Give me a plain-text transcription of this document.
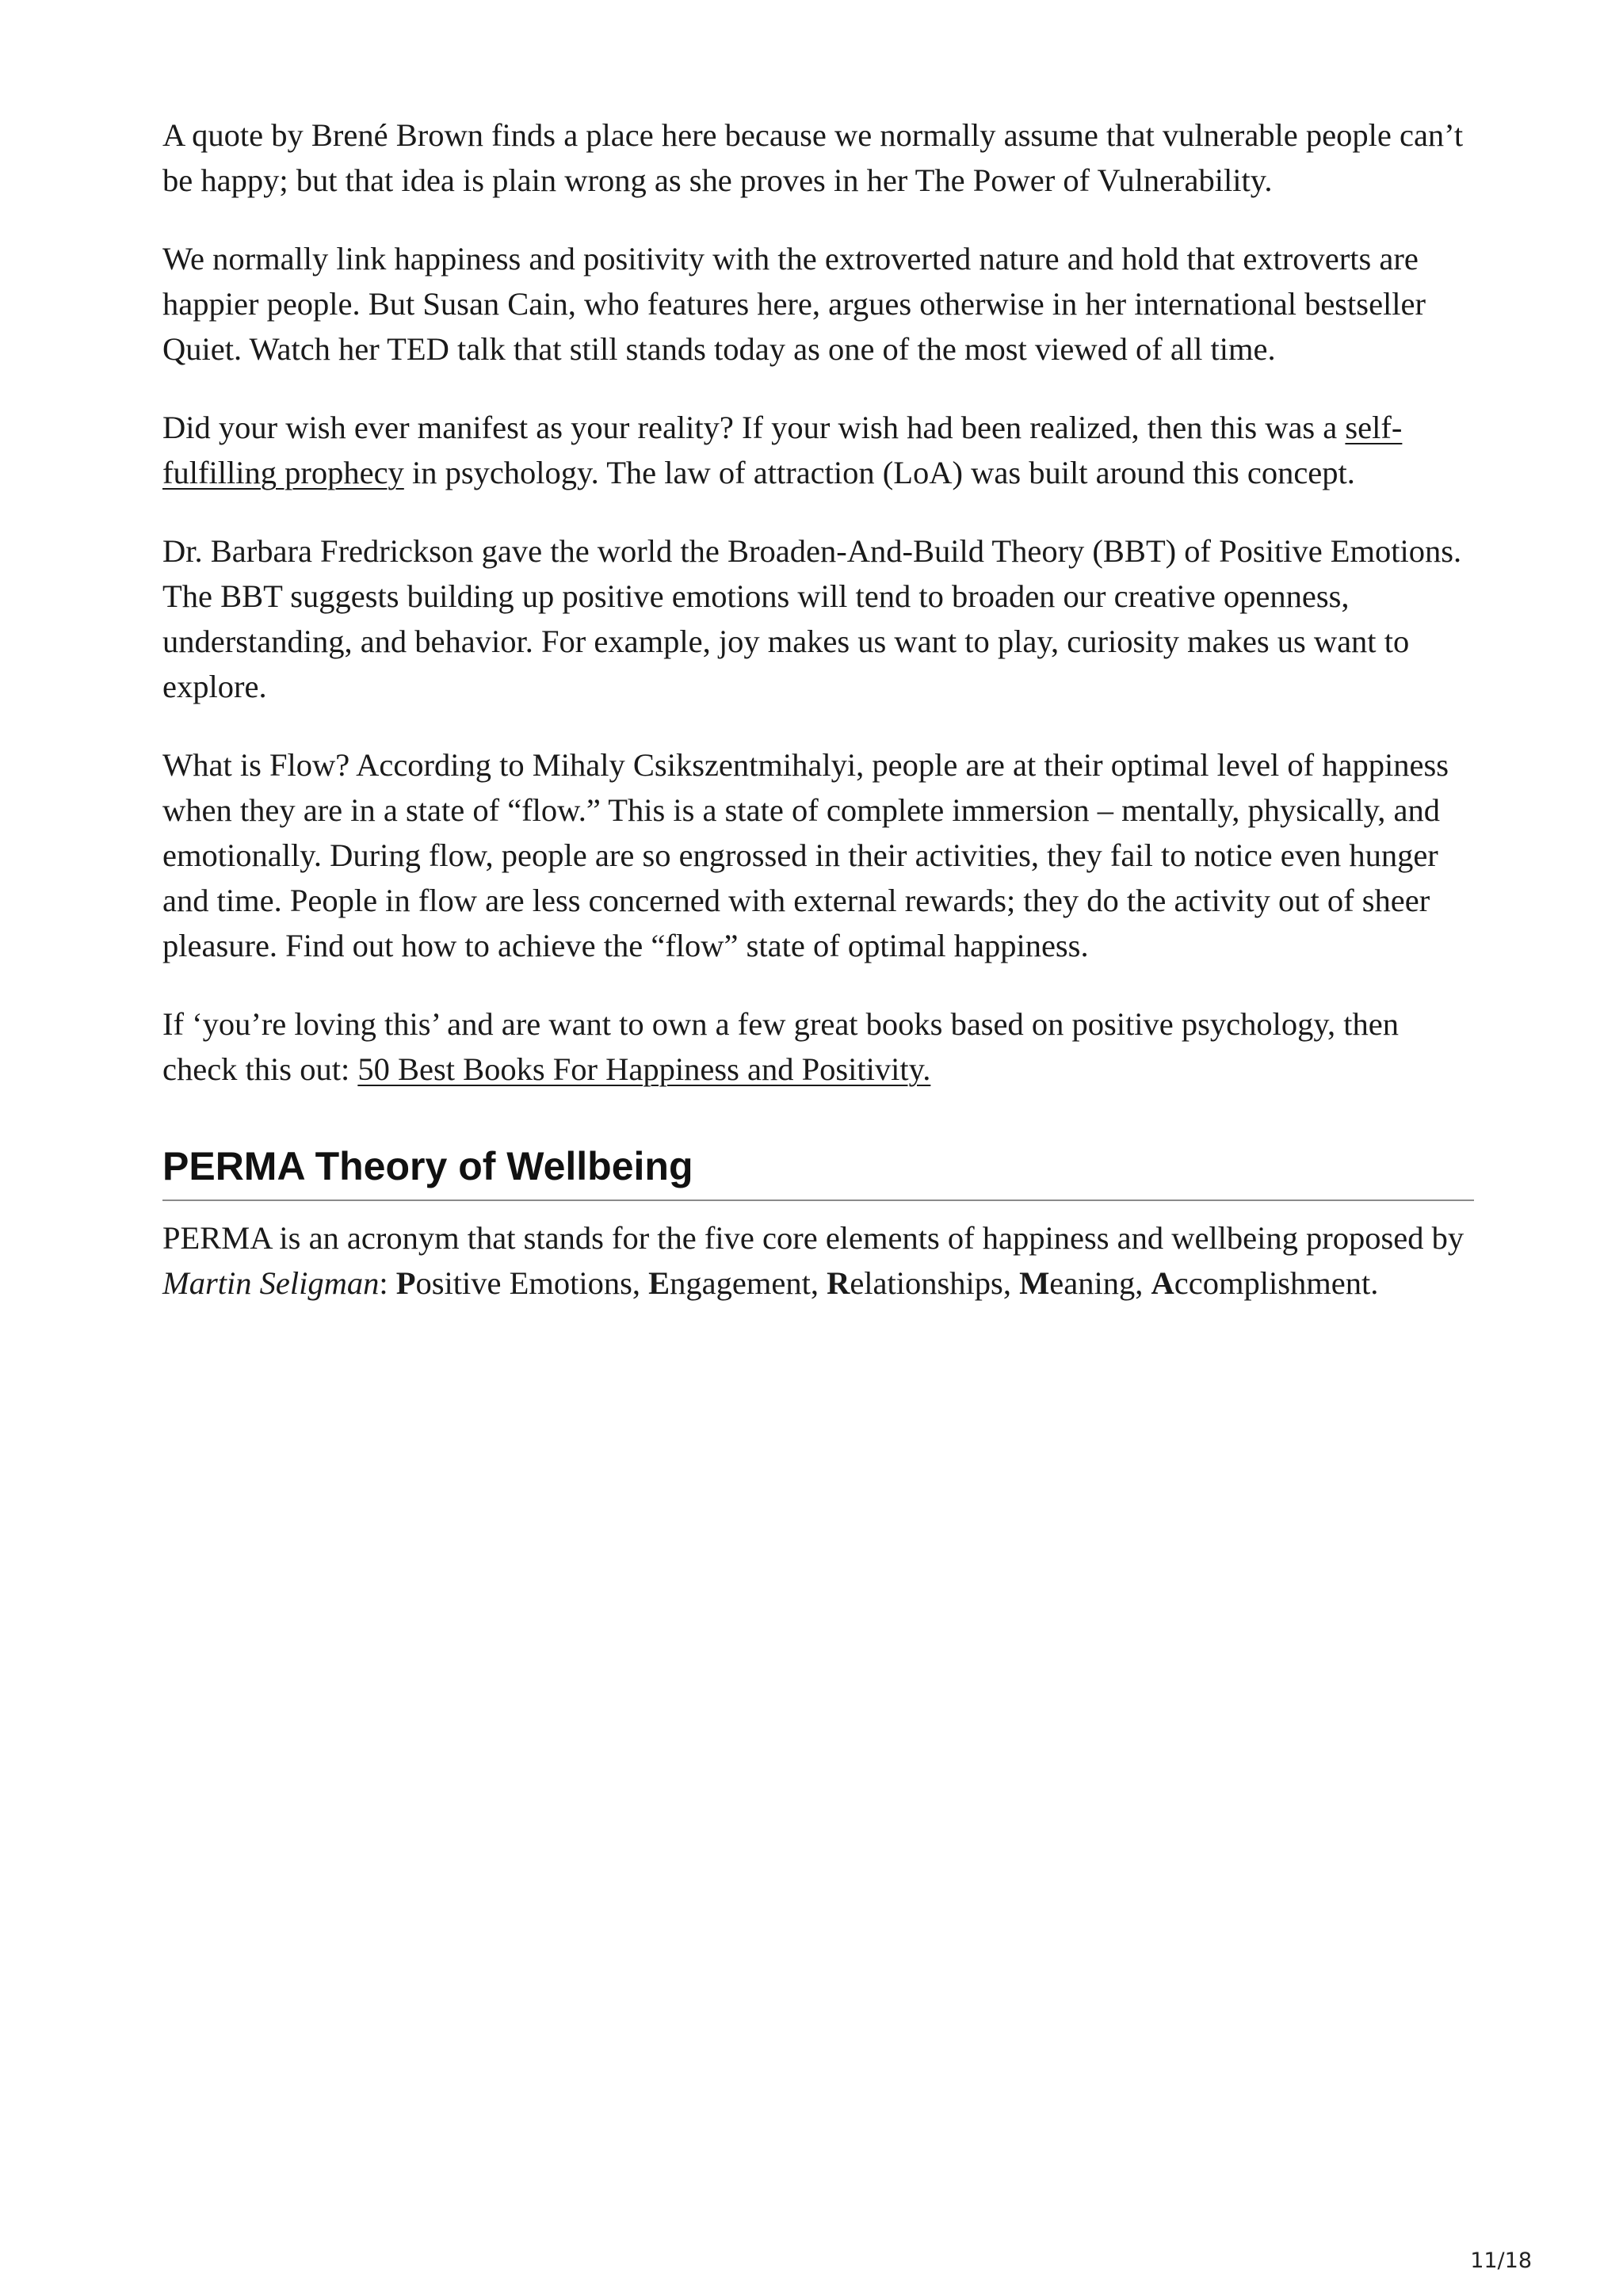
A quote by Brené Brown finds a place here because we normally assume that vulnerable people can’t be happy; but that idea is plain wrong as she proves in her The Power of Vulnerability.

We normally link happiness and positivity with the extroverted nature and hold that extroverts are happier people. But Susan Cain, who features here, argues otherwise in her international bestseller Quiet. Watch her TED talk that still stands today as one of the most viewed of all time.

Did your wish ever manifest as your reality? If your wish had been realized, then this was a self-fulfilling prophecy in psychology. The law of attraction (LoA) was built around this concept.

Dr. Barbara Fredrickson gave the world the Broaden-And-Build Theory (BBT) of Positive Emotions. The BBT suggests building up positive emotions will tend to broaden our creative openness, understanding, and behavior. For example, joy makes us want to play, curiosity makes us want to explore.

What is Flow? According to Mihaly Csikszentmihalyi, people are at their optimal level of happiness when they are in a state of “flow.” This is a state of complete immersion – mentally, physically, and emotionally. During flow, people are so engrossed in their activities, they fail to notice even hunger and time. People in flow are less concerned with external rewards; they do the activity out of sheer pleasure. Find out how to achieve the “flow” state of optimal happiness.

If ‘you’re loving this’ and are want to own a few great books based on positive psychology, then check this out: 50 Best Books For Happiness and Positivity.

PERMA Theory of Wellbeing

PERMA is an acronym that stands for the five core elements of happiness and wellbeing proposed by Martin Seligman: Positive Emotions, Engagement, Relationships, Meaning, Accomplishment.

11/18
